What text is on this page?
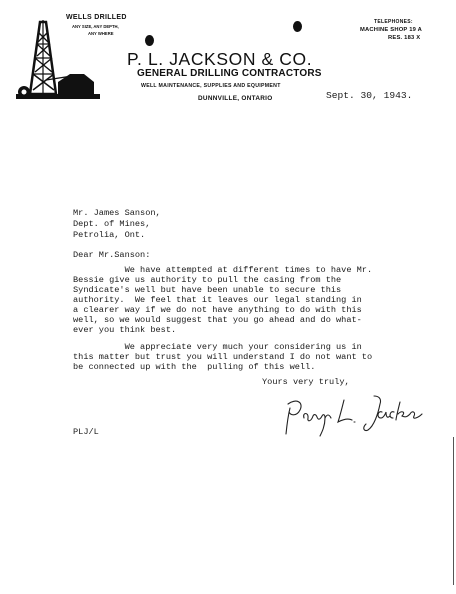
WELLS DRILLED
ANY SIZE, ANY DEPTH,
ANY WHERE
P. L. JACKSON & CO.
GENERAL DRILLING CONTRACTORS
WELL MAINTENANCE, SUPPLIES AND EQUIPMENT
DUNNVILLE, ONTARIO
TELEPHONES:
MACHINE SHOP 19 A
RES. 183 X
Sept. 30, 1943.
Mr. James Sanson,
Dept. of Mines,
Petrolia, Ont.
Dear Mr.Sanson:
We have attempted at different times to have Mr.
Bessie give us authority to pull the casing from the
Syndicate's well but have been unable to secure this
authority.  We feel that it leaves our legal standing in
a clearer way if we do not have anything to do with this
well, so we would suggest that you go ahead and do what-
ever you think best.
We appreciate very much your considering us in
this matter but trust you will understand I do not want to
be connected up with the  pulling of this well.
Yours very truly,
PLJ/L
